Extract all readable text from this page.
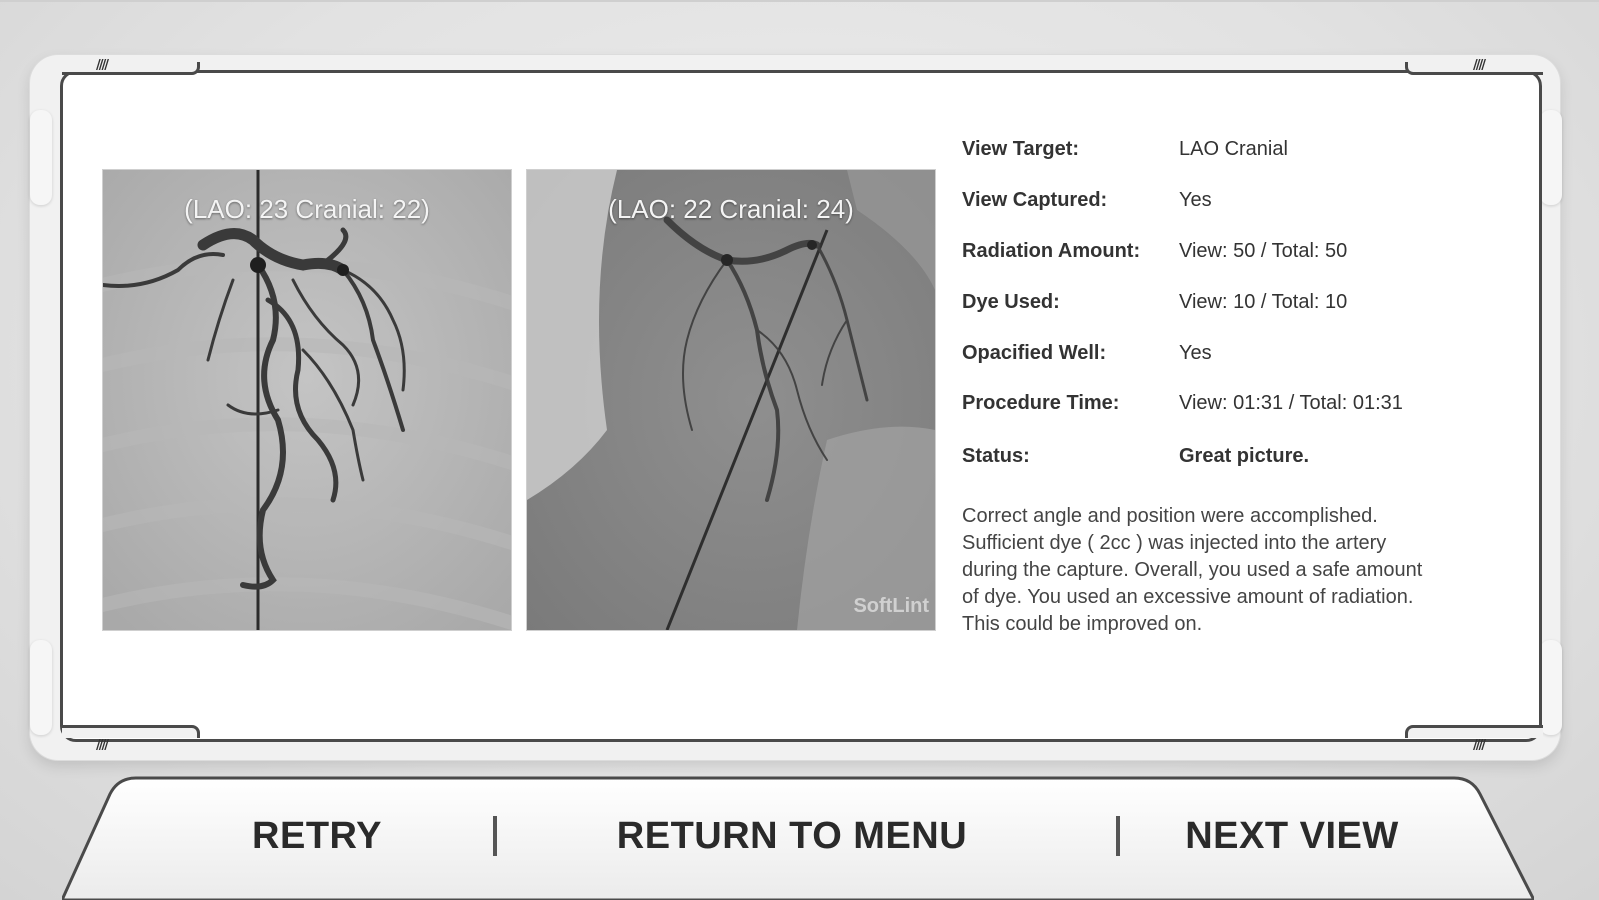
////	////
////	////
(LAO: 23 Cranial: 22)	(LAO: 22 Cranial: 24)
SoftLint
View Target:	LAO Cranial
View Captured:	Yes
Radiation Amount: View: 50 / Total: 50
Dye Used:	View: 10 / Total: 10
Opacified Well:	Yes
Procedure Time:	View: 01:31 / Total: 01:31
Status:	Great picture.
Correct angle and position were accomplished. Sufficient dye ( 2cc ) was injected into the artery during the capture. Overall, you used a safe amount of dye. You used an excessive amount of radiation. This could be improved on.
RETRY	RETURN TO MENU	NEXT VIEW
